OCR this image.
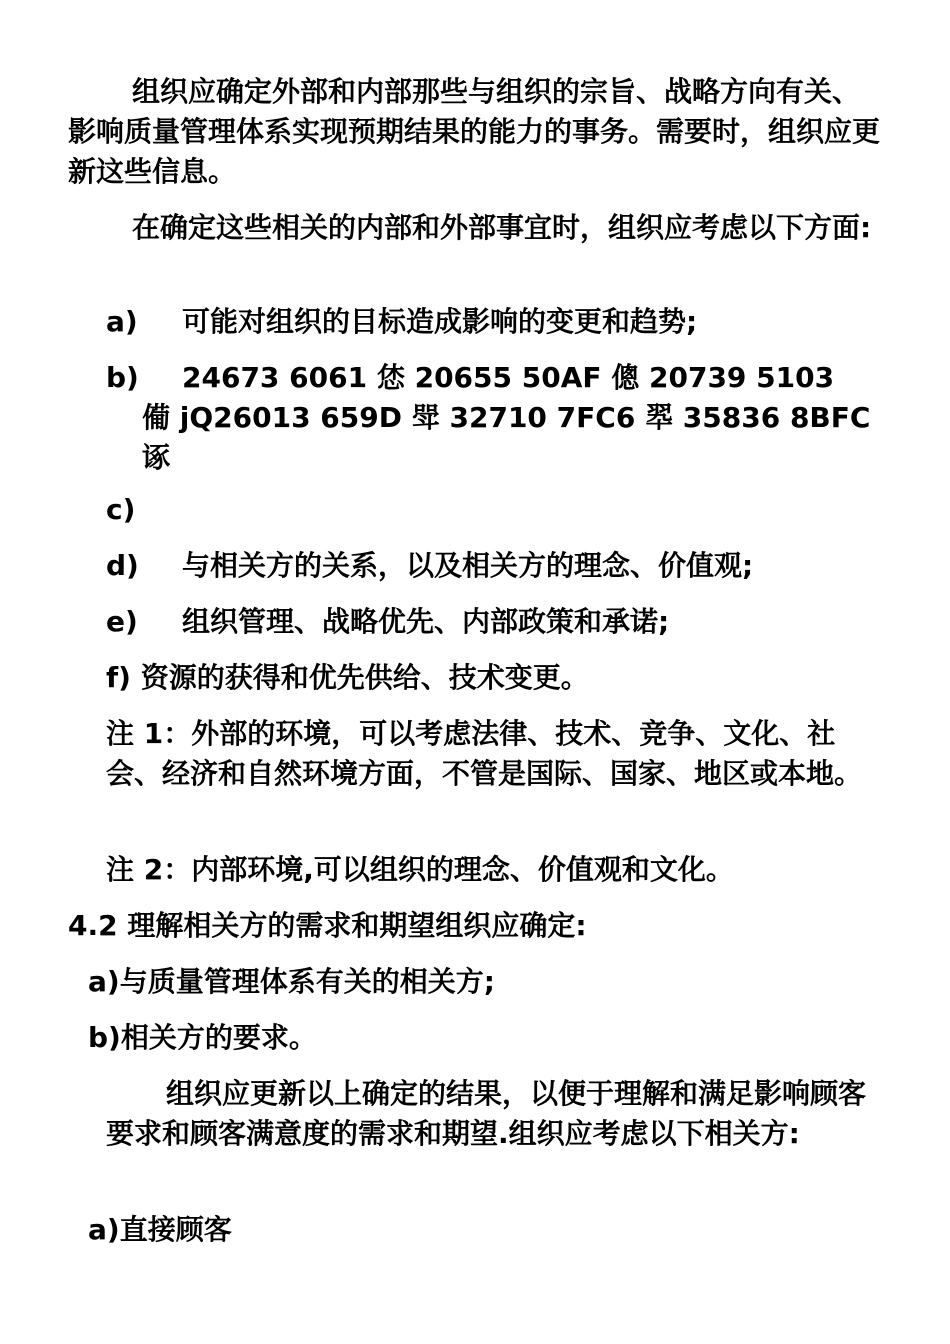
组织应确定外部和内部那些与组织的宗旨、战略方向有关、影响质量管理体系实现预期结果的能力的事务。需要时，组织应更新这些信息。

在确定这些相关的内部和外部事宜时，组织应考虑以下方面:

a)	可能对组织的目标造成影响的变更和趋势;
b)	24673 6061 恷 20655 50AF 傯 20739 5103
僃 jQ26013 659D 斝 32710 7FC6 翆 35836 8BFC 诼
c)
d)	与相关方的关系，以及相关方的理念、价值观;
e)	组织管理、战略优先、内部政策和承诺;
f) 资源的获得和优先供给、技术变更。

注 1：外部的环境，可以考虑法律、技术、竞争、文化、社会、经济和自然环境方面，不管是国际、国家、地区或本地。

注 2：内部环境,可以组织的理念、价值观和文化。

4.2 理解相关方的需求和期望组织应确定:

a)与质量管理体系有关的相关方;

b)相关方的要求。

组织应更新以上确定的结果，以便于理解和满足影响顾客要求和顾客满意度的需求和期望.组织应考虑以下相关方:

a)直接顾客
